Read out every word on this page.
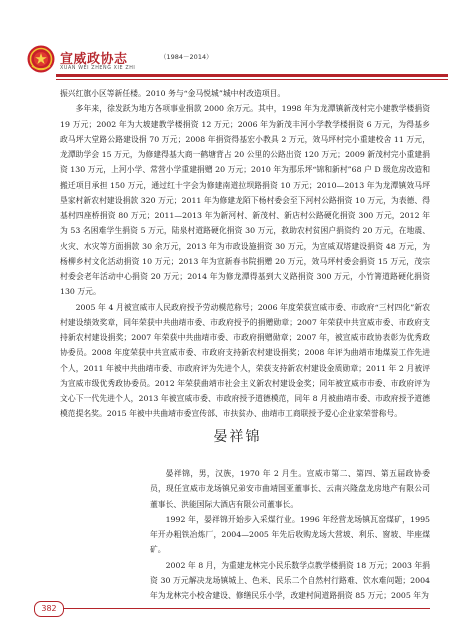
宣威政协志	（1984－2014）
XUAN WEI ZHENG XIE ZHI

振兴红旗小区等新任楼。2010 务与“金马悦城”城中村改造项目。

多年来，徐发跃为地方各项事业捐款 2000 余万元。其中，1998 年为龙潭镇新茂村完小建教学楼捐资 19 万元；2002 年为大坡建教学楼捐资 12 万元；2006 年为新茂丰河小学教学楼捐资 6 万元，为得基乡政马坪大堂路公路建设捐 70 万元；2008 年捐资得基宏小教具 2 万元，效马坪村完小重建校舍 11 万元，龙潭助学会 15 万元，为修建得基大商一鹤塘背占 20 公里的公路出资 120 万元；2009 新茂村完小重建捐资 130 万元，上河小学、常营小学重建捐赠 20 万元；2010 年为那乐坪“锦和新村”68 户 D 级危房改造和搬迁项目承担 150 万元，通过红十字会为修建南道拉坝路捐资 10 万元；2010—2013 年为龙潭镇效马坪垦家村新农村建设捐款 320 万元；2011 年为修建龙陌下杨村委会至下河村公路捐资 10 万元，为表德、得基村四座桥捐资 80 万元；2011—2013 年为新河村、新茂村、新店村公路硬化捐资 300 万元，2012 年为 53 名困难学生捐资 5 万元，陆泉村道路硬化捐资 30 万元，救助农村贫困户捐资约 20 万元，在地震、火灾、水灾等方面捐款 30 余万元，2013 年为市政设施捐资 30 万元，为宣威双塔建设捐资 48 万元，为杨柳乡村文化活动捐资 10 万元；2013 年为宣新春书院捐赠 20 万元，效马坪村委会捐资 15 万元，茂宗村委会老年活动中心捐资 20 万元；2014 年为修龙潭得基到大义路捐资 300 万元，小竹箐道路硬化捐资 130 万元。

2005 年 4 月被宣威市人民政府授予劳动模范称号；2006 年度荣获宣威市委、市政府“三村四化”新农村建设绩效奖章，同年荣获中共曲靖市委、市政府授予的捐赠勋章；2007 年荣获中共宣威市委、市政府支持新农村建设捐奖；2007 年荣获中共曲靖市委、市政府捐赠勋章；2007 年，被宣威市政协表彰为优秀政协委员。2008 年度荣获中共宣威市委、市政府支持新农村建设捐奖；2008 年评为曲靖市地煤炭工作先进个人，2011 年被中共曲靖市委、市政府评为先进个人，荣获支持新农村建设金质勋章；2011 年 2 月被评为宣威市级优秀政协委员。2012 年荣获曲靖市社会主义新农村建设金奖；同年被宣威市市委、市政府评为文心下一代先进个人，2013 年被宣威市委、市政府授予道德模范，同年 8 月被曲靖市委、市政府授予道德模范提名奖。2015 年被中共曲靖市委宣传部、市扶贫办、曲靖市工商联授予爱心企业家荣誉称号。

晏祥锦

晏祥锦，男，汉族，1970 年 2 月生。宣威市第二、第四、第五届政协委员，现任宣威市龙场镇兄弟安市曲靖国亚董事长、云南兴隆盘龙房地产有限公司董事长、洪能国际大酒店有限公司董事长。

1992 年，晏祥锦开始步入采煤行业。1996 年经营龙场镇瓦窑煤矿，1995 年开办粗铁冶炼厂，2004—2005 年先后收购龙场大营坡、利乐、窗坡、毕座煤矿。

2002 年 8 月，为重建龙林完小民乐数学点教学楼捐资 18 万元；2003 年捐资 30 万元解决龙场镇城上、色米、民乐二个自然村行路难、饮水难问题；2004 年为龙林完小校舍建设、修缮民乐小学，改建村间道路捐资 85 万元；2005 年为

382
